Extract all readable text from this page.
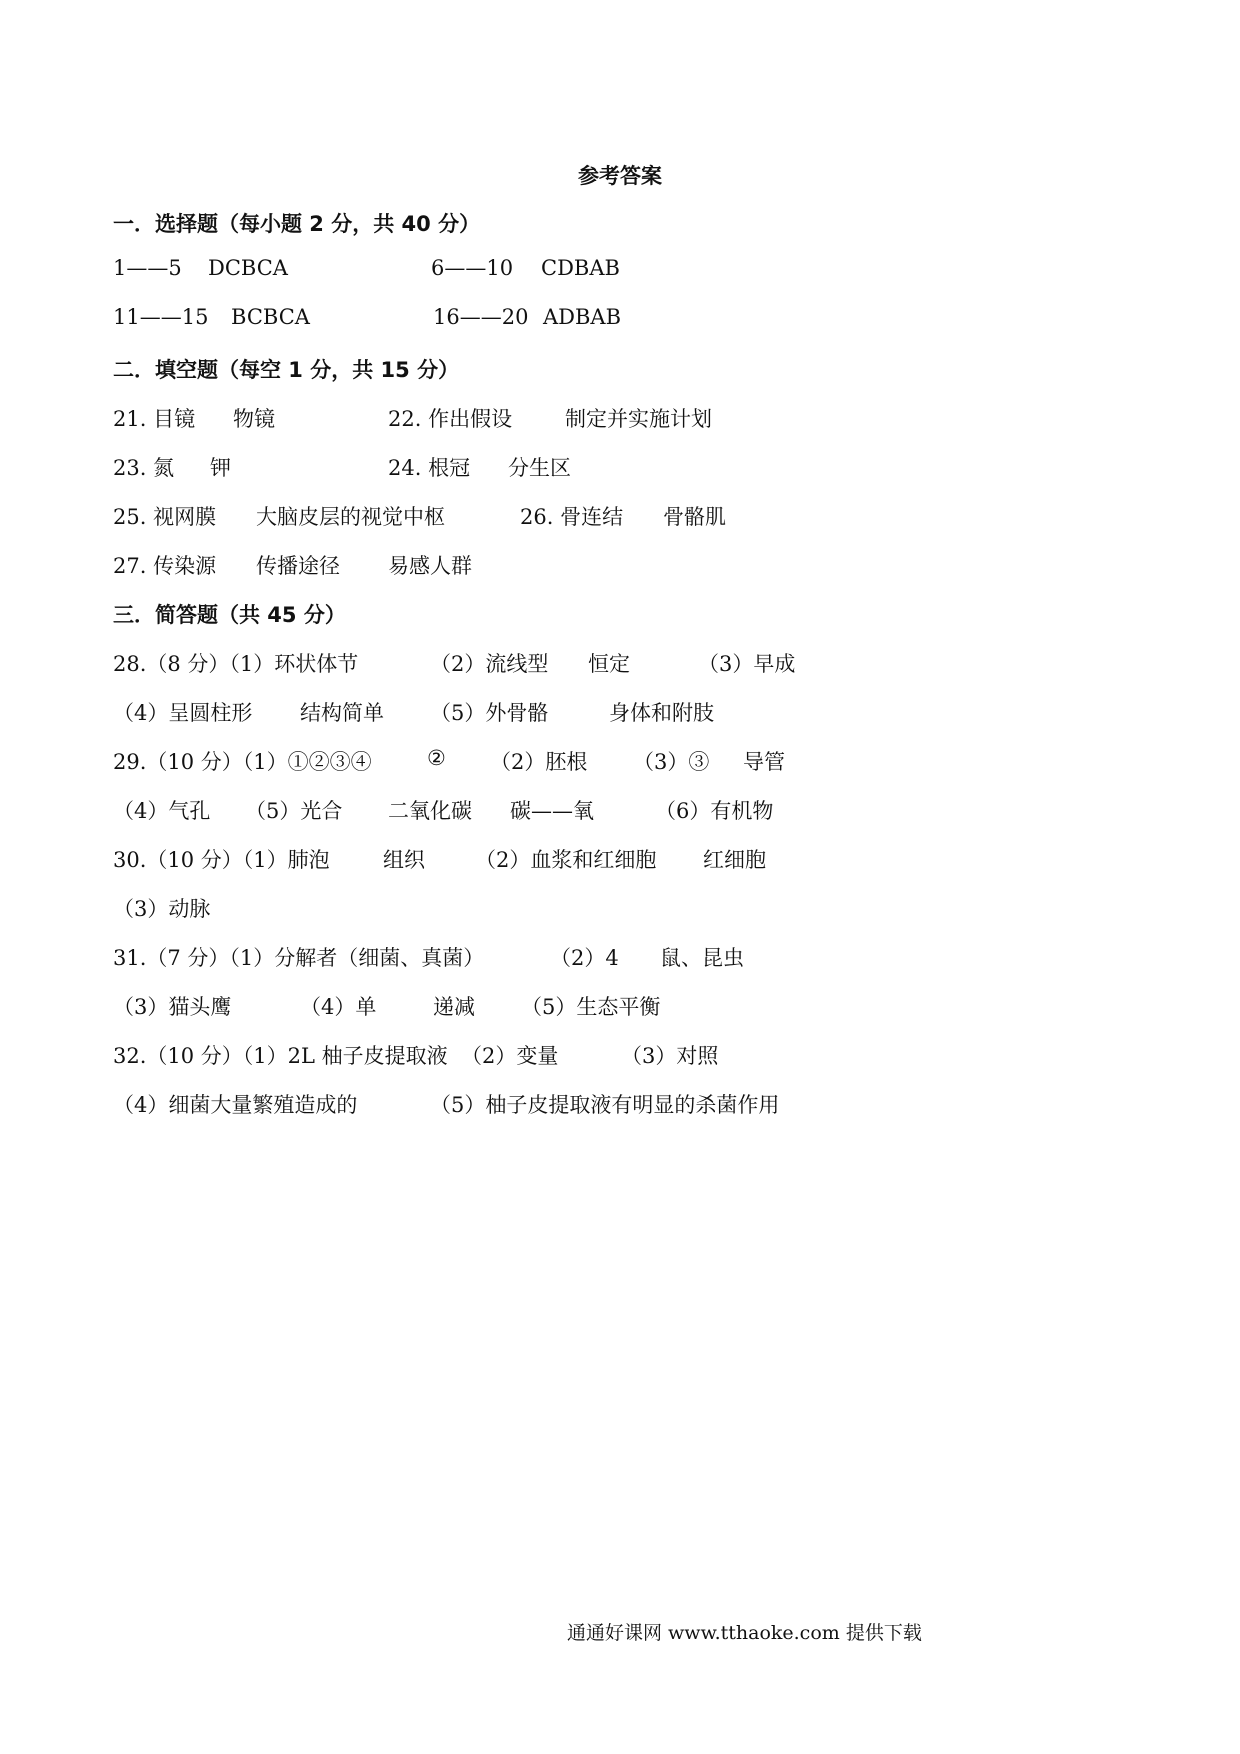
参考答案
一．选择题（每小题 2 分，共 40 分）
1——5 DCBCA	6——10 CDBAB
11——15 BCBCA	16——20 ADBAB
二．填空题（每空 1 分，共 15 分）
21. 目镜 物镜	22. 作出假设	制定并实施计划
23. 氮 钾	24. 根冠 分生区
25. 视网膜 大脑皮层的视觉中枢	26. 骨连结 骨骼肌
27. 传染源 传播途径 易感人群
三．简答题（共 45 分）
28.（8 分）（1）环状体节	（2）流线型 恒定	（3）早成
（4）呈圆柱形 结构简单 （5）外骨骼	身体和附肢
29.（10 分）（1）①②③④	② （2）胚根 （3）③ 导管
（4）气孔 （5）光合 二氧化碳 碳——氧	（6）有机物
30.（10 分）（1）肺泡	组织 （2）血浆和红细胞 红细胞
（3）动脉
31.（7 分）（1）分解者（细菌、真菌）	（2）4 鼠、昆虫
（3）猫头鹰	（4）单	递减 （5）生态平衡
32.（10 分）（1）2L 柚子皮提取液 （2）变量	（3）对照
（4）细菌大量繁殖造成的	（5）柚子皮提取液有明显的杀菌作用
通通好课网 www.tthaoke.com 提供下载
